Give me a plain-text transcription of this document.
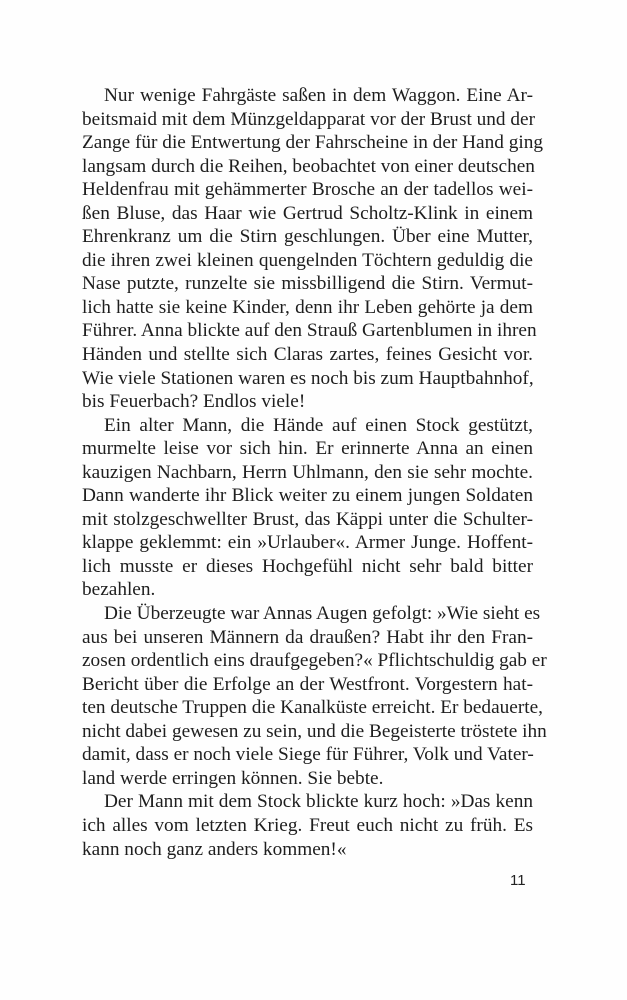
Nur wenige Fahrgäste saßen in dem Waggon. Eine Ar-
beitsmaid mit dem Münzgeldapparat vor der Brust und der
Zange für die Entwertung der Fahrscheine in der Hand ging
langsam durch die Reihen, beobachtet von einer deutschen
Heldenfrau mit gehämmerter Brosche an der tadellos wei-
ßen Bluse, das Haar wie Gertrud Scholtz-Klink in einem
Ehrenkranz um die Stirn geschlungen. Über eine Mutter,
die ihren zwei kleinen quengelnden Töchtern geduldig die
Nase putzte, runzelte sie missbilligend die Stirn. Vermut-
lich hatte sie keine Kinder, denn ihr Leben gehörte ja dem
Führer. Anna blickte auf den Strauß Gartenblumen in ihren
Händen und stellte sich Claras zartes, feines Gesicht vor.
Wie viele Stationen waren es noch bis zum Hauptbahnhof,
bis Feuerbach? Endlos viele!
Ein alter Mann, die Hände auf einen Stock gestützt,
murmelte leise vor sich hin. Er erinnerte Anna an einen
kauzigen Nachbarn, Herrn Uhlmann, den sie sehr mochte.
Dann wanderte ihr Blick weiter zu einem jungen Soldaten
mit stolzgeschwellter Brust, das Käppi unter die Schulter-
klappe geklemmt: ein »Urlauber«. Armer Junge. Hoffent-
lich musste er dieses Hochgefühl nicht sehr bald bitter
bezahlen.
Die Überzeugte war Annas Augen gefolgt: »Wie sieht es
aus bei unseren Männern da draußen? Habt ihr den Fran-
zosen ordentlich eins draufgegeben?« Pflichtschuldig gab er
Bericht über die Erfolge an der Westfront. Vorgestern hat-
ten deutsche Truppen die Kanalküste erreicht. Er bedauerte,
nicht dabei gewesen zu sein, und die Begeisterte tröstete ihn
damit, dass er noch viele Siege für Führer, Volk und Vater-
land werde erringen können. Sie bebte.
Der Mann mit dem Stock blickte kurz hoch: »Das kenn
ich alles vom letzten Krieg. Freut euch nicht zu früh. Es
kann noch ganz anders kommen!«
11
